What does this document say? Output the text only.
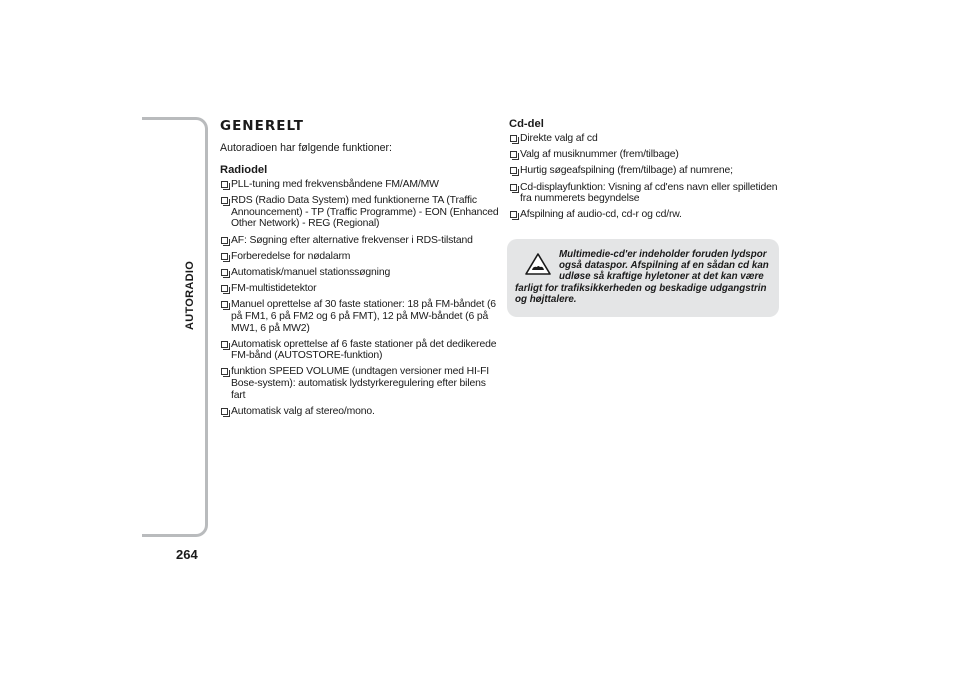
AUTORADIO
264
GENERELT
Autoradioen har følgende funktioner:
Radiodel
PLL-tuning med frekvensbåndene FM/AM/MW
RDS (Radio Data System) med funktionerne TA (Traffic Announcement) - TP (Traffic Programme) - EON (Enhanced Other Network) - REG (Regional)
AF: Søgning efter alternative frekvenser i RDS-tilstand
Forberedelse for nødalarm
Automatisk/manuel stationssøgning
FM-multistidetektor
Manuel oprettelse af 30 faste stationer: 18 på FM-båndet (6 på FM1, 6 på FM2 og 6 på FMT), 12 på MW-båndet (6 på MW1, 6 på MW2)
Automatisk oprettelse af 6 faste stationer på det dedikerede FM-bånd (AUTOSTORE-funktion)
funktion SPEED VOLUME (undtagen versioner med HI-FI Bose-system): automatisk lydstyrkeregulering efter bilens fart
Automatisk valg af stereo/mono.
Cd-del
Direkte valg af cd
Valg af musiknummer (frem/tilbage)
Hurtig søgeafspilning (frem/tilbage) af numrene;
Cd-displayfunktion: Visning af cd'ens navn eller spilletiden fra nummerets begyndelse
Afspilning af audio-cd, cd-r og cd/rw.
Multimedie-cd'er indeholder foruden lydspor også dataspor. Afspilning af en sådan cd kan udløse så kraftige hyletoner at det kan være farligt for trafiksikkerheden og beskadige udgangstrin og højttalere.
